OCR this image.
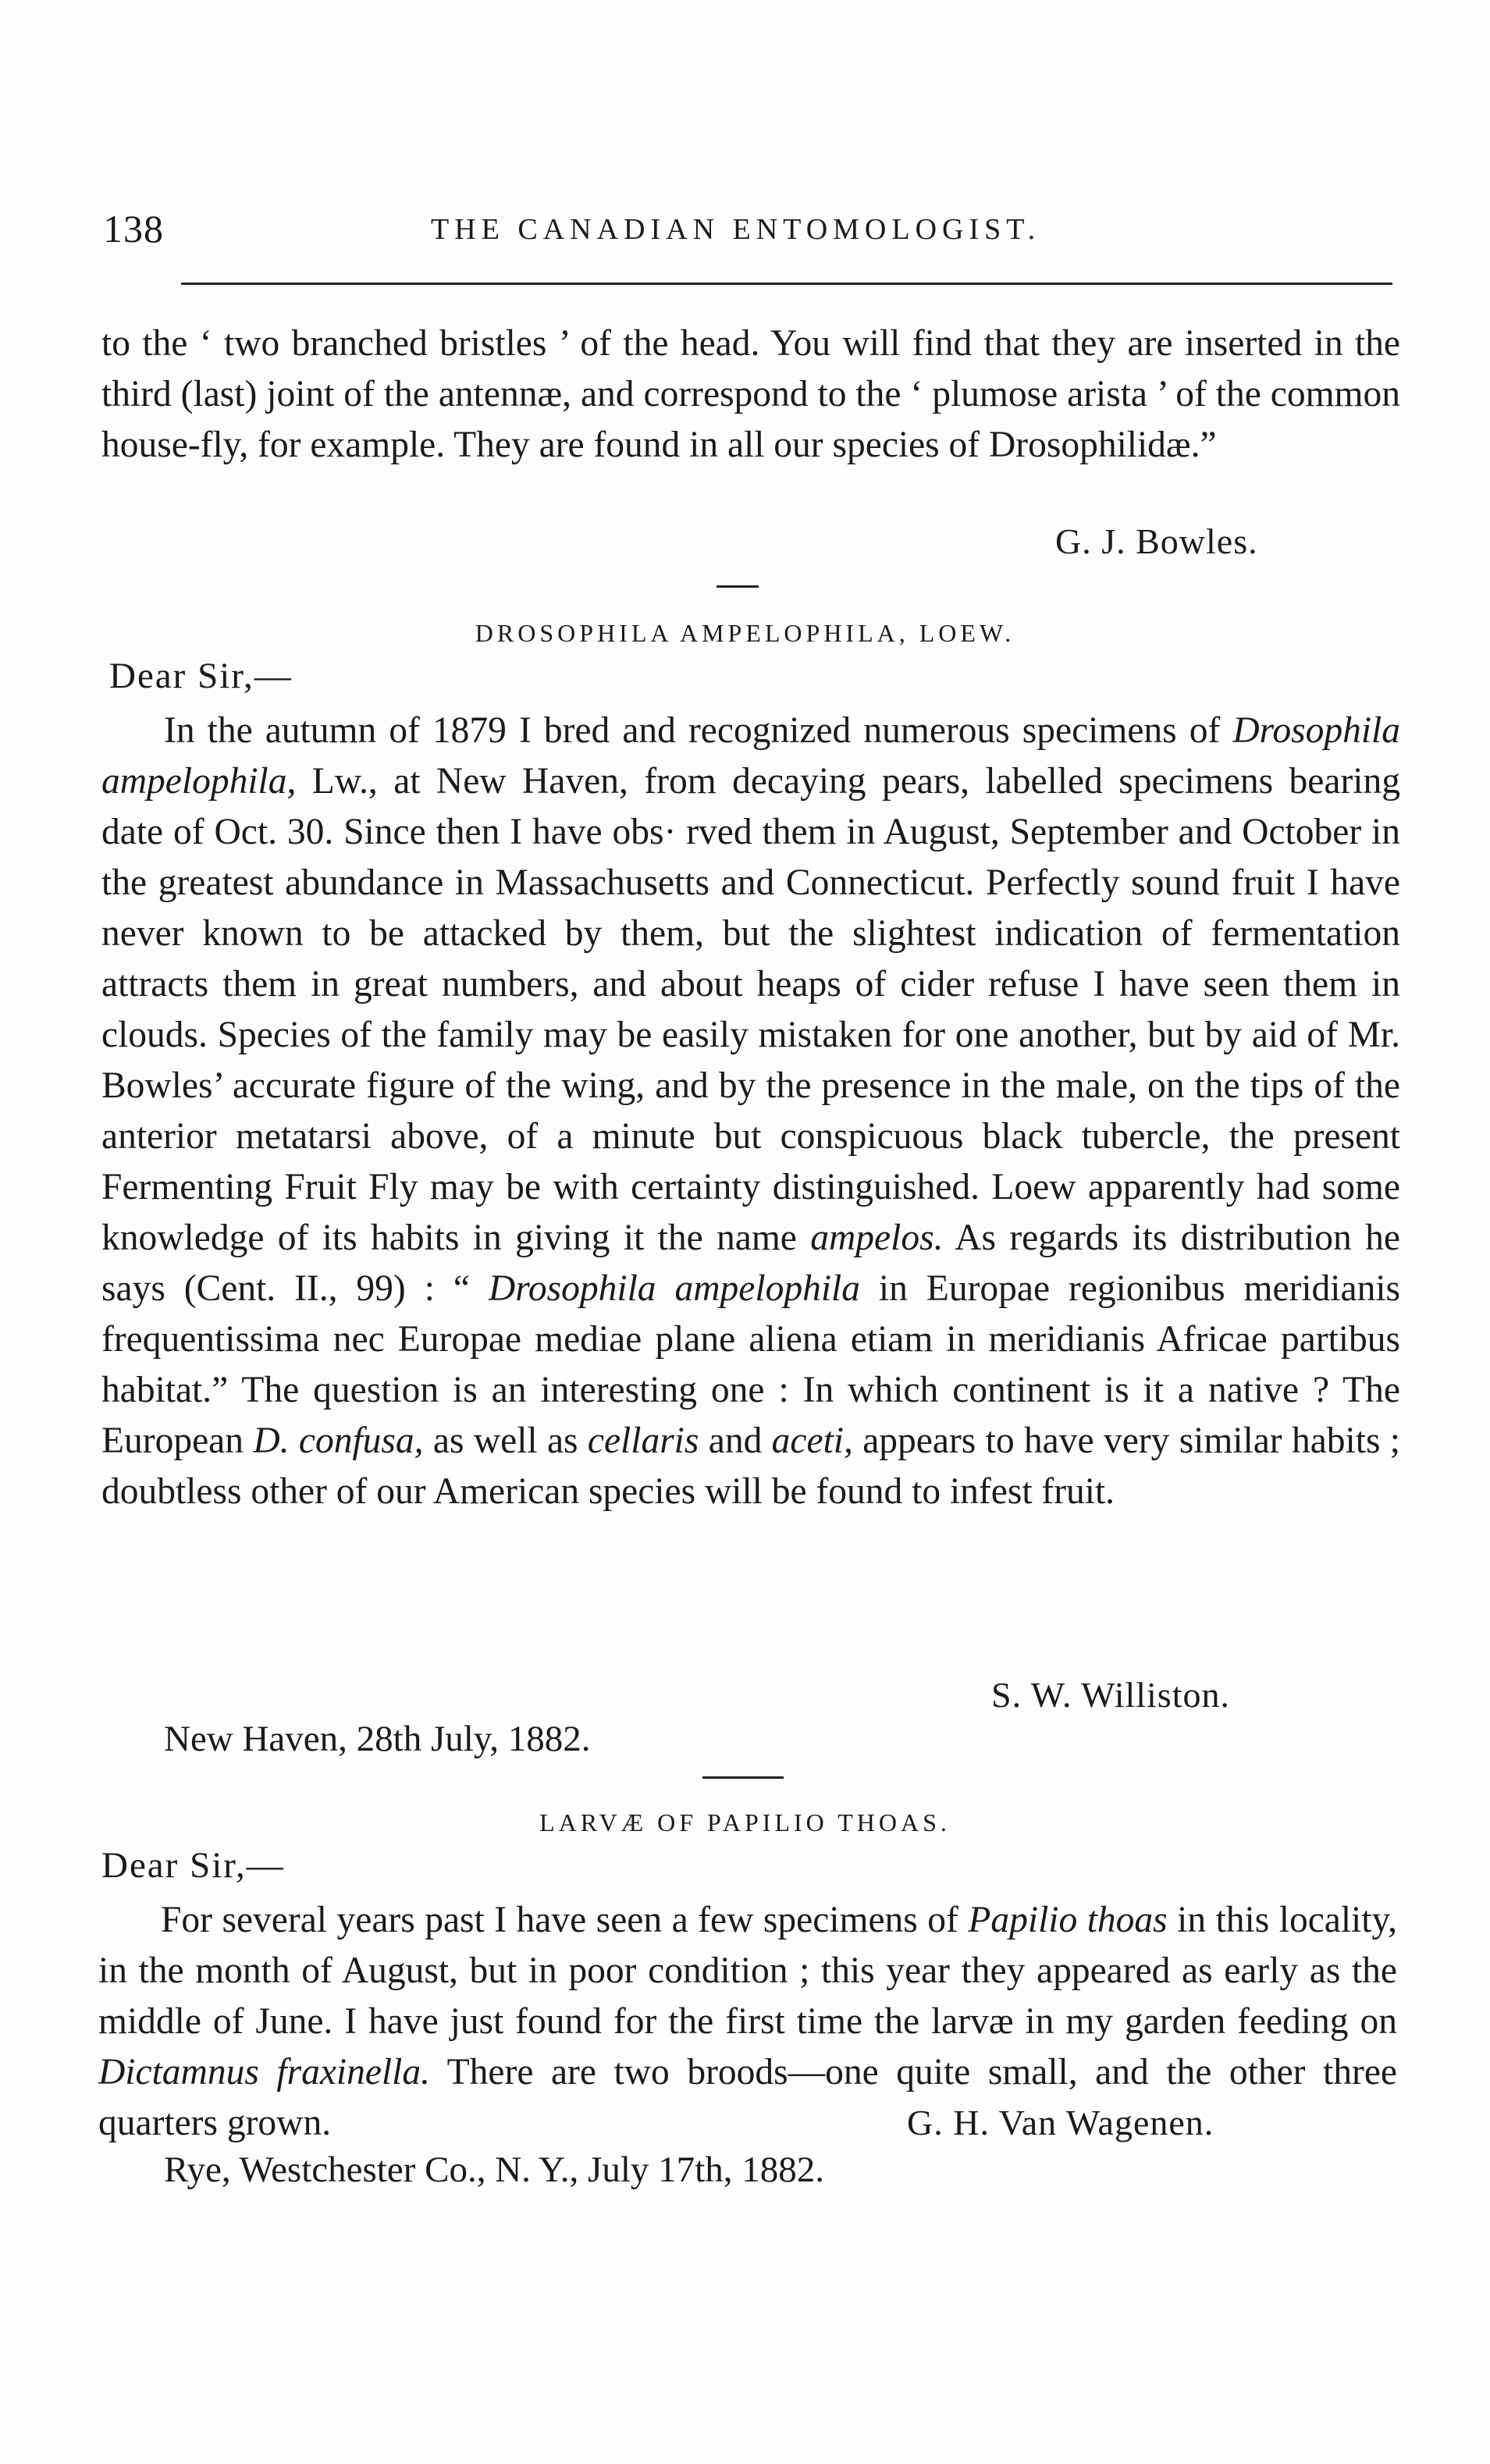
138	THE CANADIAN ENTOMOLOGIST.

to the ‘ two branched bristles ’ of the head. You will find that they are inserted in the third (last) joint of the antennæ, and correspond to the ‘ plumose arista ’ of the common house-fly, for example. They are found in all our species of Drosophilidæ.”

G. J. Bowles.
DROSOPHILA AMPELOPHILA, LOEW.
Dear Sir,—

In the autumn of 1879 I bred and recognized numerous specimens of Drosophila ampelophila, Lw., at New Haven, from decaying pears, labelled specimens bearing date of Oct. 30. Since then I have obs· rved them in August, September and October in the greatest abundance in Massachusetts and Connecticut. Perfectly sound fruit I have never known to be attacked by them, but the slightest indication of fermentation attracts them in great numbers, and about heaps of cider refuse I have seen them in clouds. Species of the family may be easily mistaken for one another, but by aid of Mr. Bowles’ accurate figure of the wing, and by the presence in the male, on the tips of the anterior metatarsi above, of a minute but conspicuous black tubercle, the present Fermenting Fruit Fly may be with certainty distinguished. Loew apparently had some knowledge of its habits in giving it the name ampelos. As regards its distribution he says (Cent. II., 99) : “ Drosophila ampelophila in Europae regionibus meridianis frequentissima nec Europae mediae plane aliena etiam in meridianis Africae partibus habitat.” The question is an interesting one : In which continent is it a native ? The European D. confusa, as well as cellaris and aceti, appears to have very similar habits ; doubtless other of our American species will be found to infest fruit.

S. W. Williston.
New Haven, 28th July, 1882.
LARVÆ OF PAPILIO THOAS.
Dear Sir,—

For several years past I have seen a few specimens of Papilio thoas in this locality, in the month of August, but in poor condition ; this year they appeared as early as the middle of June. I have just found for the first time the larvæ in my garden feeding on Dictamnus fraxinella. There are two broods—one quite small, and the other three quarters grown.	G. H. Van Wagenen.
Rye, Westchester Co., N. Y., July 17th, 1882.
